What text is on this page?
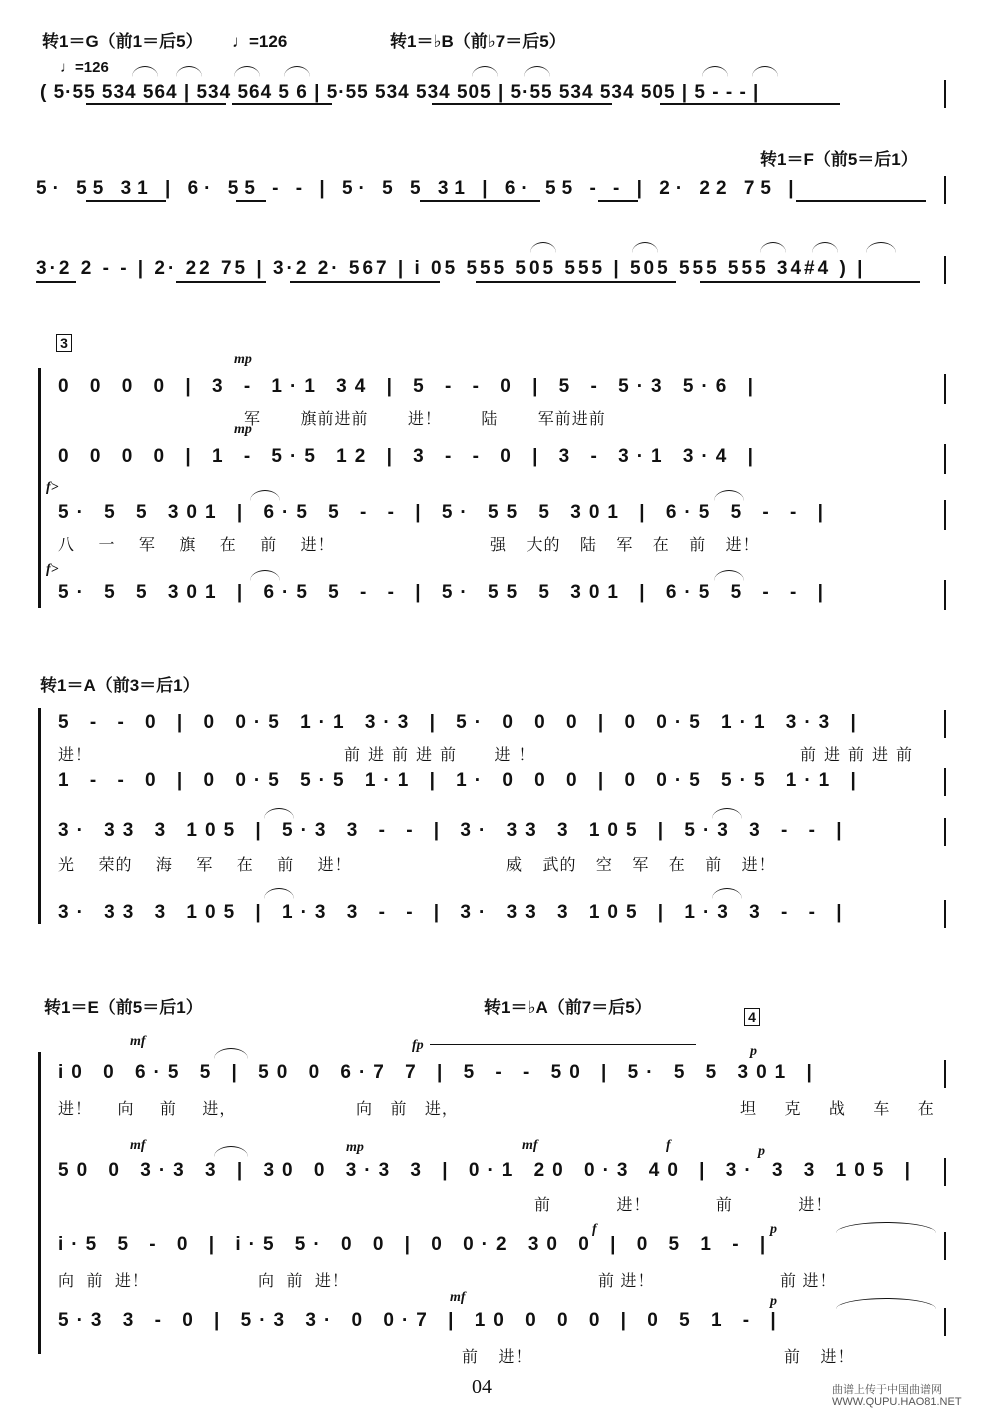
转1＝G（前1＝后5） ♩=126	转1＝♭B（前♭7＝后5）
♩=126
( 5·55 534 564 | 534 564 5 6 | 5·55 534 534 505 | 5·55 534 534 505 | 5 - - - |
转1＝F（前5＝后1）
5· 55 31 | 6· 55 - - | 5· 5 5 31 | 6· 55 - - | 2· 22 75 |
3·2 2 - - | 2· 22 75 | 3·2 2· 567 | i 05 555 505 555 | 505 555 555 34#4 ) |
3
mp
0 0 0 0 | 3 - 1·1 34 | 5 - - 0 | 5 - 5·3 5·6 |
军 旗前进前 进！ 陆 军前进前
mp
0 0 0 0 | 1 - 5·5 12 | 3 - - 0 | 3 - 3·1 3·4 |
f>
5· 5 5 301 | 6·5 5 - - | 5· 55 5 301 | 6·5 5 - - |
八 一 军 旗 在 前 进！	强 大的 陆 军 在 前 进！
f>
5· 5 5 301 | 6·5 5 - - | 5· 55 5 301 | 6·5 5 - - |
转1＝A（前3＝后1）
5 - - 0 | 0 0·5 1·1 3·3 | 5· 0 0 0 | 0 0·5 1·1 3·3 |
进！	前进前进前 进！	前进前进前
1 - - 0 | 0 0·5 5·5 1·1 | 1· 0 0 0 | 0 0·5 5·5 1·1 |
3· 33 3 105 | 5·3 3 - - | 3· 33 3 105 | 5·3 3 - - |
光 荣的 海 军 在 前 进！	威 武的 空 军 在 前 进！
3· 33 3 105 | 1·3 3 - - | 3· 33 3 105 | 1·3 3 - - |
转1＝E（前5＝后1）	转1＝♭A（前7＝后5）	4
mf	fp	p
i0 0 6·5 5 | 50 0 6·7 7 | 5 - - 50 | 5· 5 5 301 |
进！ 向 前 进，	向 前 进，	坦 克 战 车 在
mf	mp	mf	f	p
50 0 3·3 3 | 30 0 3·3 3 | 0·1 20 0·3 40 | 3· 3 3 105 |
前 进！ 前 进！
f	p
i·5 5 - 0 | i·5 5· 0 0 | 0 0·2 30 0 | 0 5 1 - |
向 前 进！	向 前 进！	前 进！	前 进！
mf	p
5·3 3 - 0 | 5·3 3· 0 0·7 | 10 0 0 0 | 0 5 1 - |
前 进！	前 进！
04	曲谱上传于中国曲谱网 WWW.QUPU.HAO81.NET
